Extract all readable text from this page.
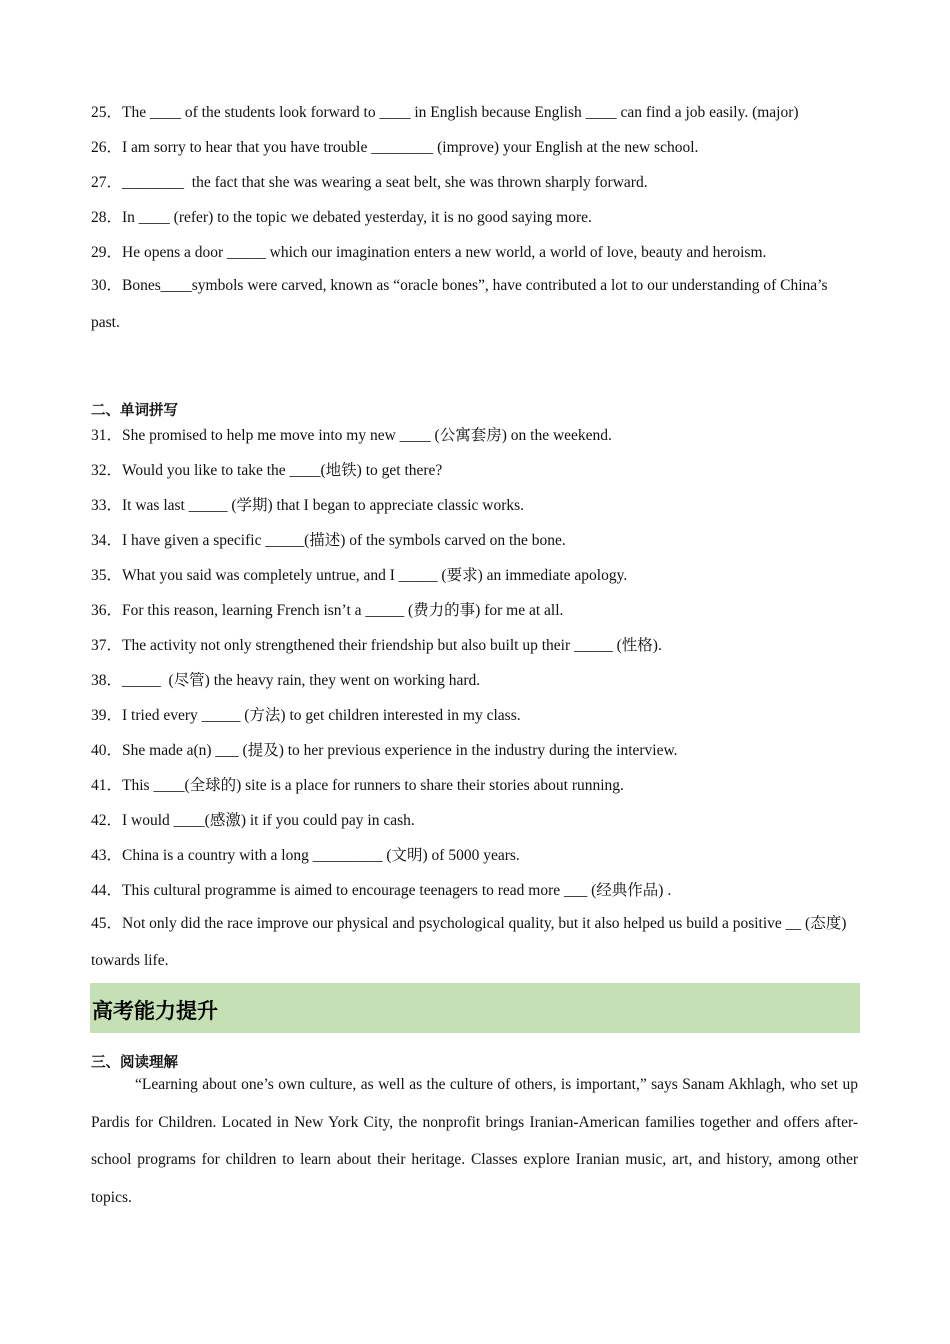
25．The ____ of the students look forward to ____ in English because English ____ can find a job easily. (major)
26．I am sorry to hear that you have trouble ________ (improve) your English at the new school.
27．________  the fact that she was wearing a seat belt, she was thrown sharply forward.
28．In ____ (refer) to the topic we debated yesterday, it is no good saying more.
29．He opens a door _____ which our imagination enters a new world, a world of love, beauty and heroism.
30．Bones____symbols were carved, known as “oracle bones”, have contributed a lot to our understanding of China’s past.
二、单词拼写
31．She promised to help me move into my new ____ (公寓套房) on the weekend.
32．Would you like to take the ____(地铁) to get there?
33．It was last _____ (学期) that I began to appreciate classic works.
34．I have given a specific _____(描述) of the symbols carved on the bone.
35．What you said was completely untrue, and I _____ (要求) an immediate apology.
36．For this reason, learning French isn’t a _____ (费力的事) for me at all.
37．The activity not only strengthened their friendship but also built up their _____ (性格).
38．_____  (尽管) the heavy rain, they went on working hard.
39．I tried every _____ (方法) to get children interested in my class.
40．She made a(n) ___ (提及) to her previous experience in the industry during the interview.
41．This ____(全球的) site is a place for runners to share their stories about running.
42．I would ____(感激) it if you could pay in cash.
43．China is a country with a long _________ (文明) of 5000 years.
44．This cultural programme is aimed to encourage teenagers to read more ___ (经典作品) .
45．Not only did the race improve our physical and psychological quality, but it also helped us build a positive __ (态度) towards life.
高考能力提升
三、阅读理解
“Learning about one’s own culture, as well as the culture of others, is important,” says Sanam Akhlagh, who set up Pardis for Children. Located in New York City, the nonprofit brings Iranian-American families together and offers after-school programs for children to learn about their heritage. Classes explore Iranian music, art, and history, among other topics.
